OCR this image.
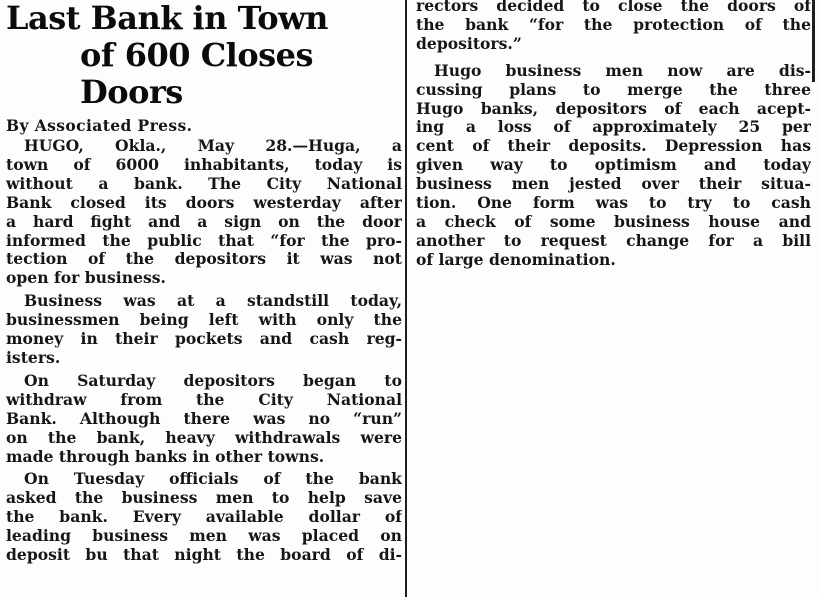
Last Bank in Town
of 600 Closes Doors
By Associated Press.
HUGO, Okla., May 28.—Huga, a
town of 6000 inhabitants, today is
without a bank. The City National
Bank closed its doors westerday after
a hard fight and a sign on the door
informed the public that “for the pro-
tection of the depositors it was not
open for business.
Business was at a standstill today,
businessmen being left with only the
money in their pockets and cash reg-
isters.
On Saturday depositors began to
withdraw from the City National
Bank. Although there was no “run”
on the bank, heavy withdrawals were
made through banks in other towns.
On Tuesday officials of the bank
asked the business men to help save
the bank. Every available dollar of
leading business men was placed on
deposit bu that night the board of di-
rectors decided to close the doors of
the bank “for the protection of the
depositors.”
Hugo business men now are dis-
cussing plans to merge the three
Hugo banks, depositors of each acept-
ing a loss of approximately 25 per
cent of their deposits. Depression has
given way to optimism and today
business men jested over their situa-
tion. One form was to try to cash
a check of some business house and
another to request change for a bill
of large denomination.
